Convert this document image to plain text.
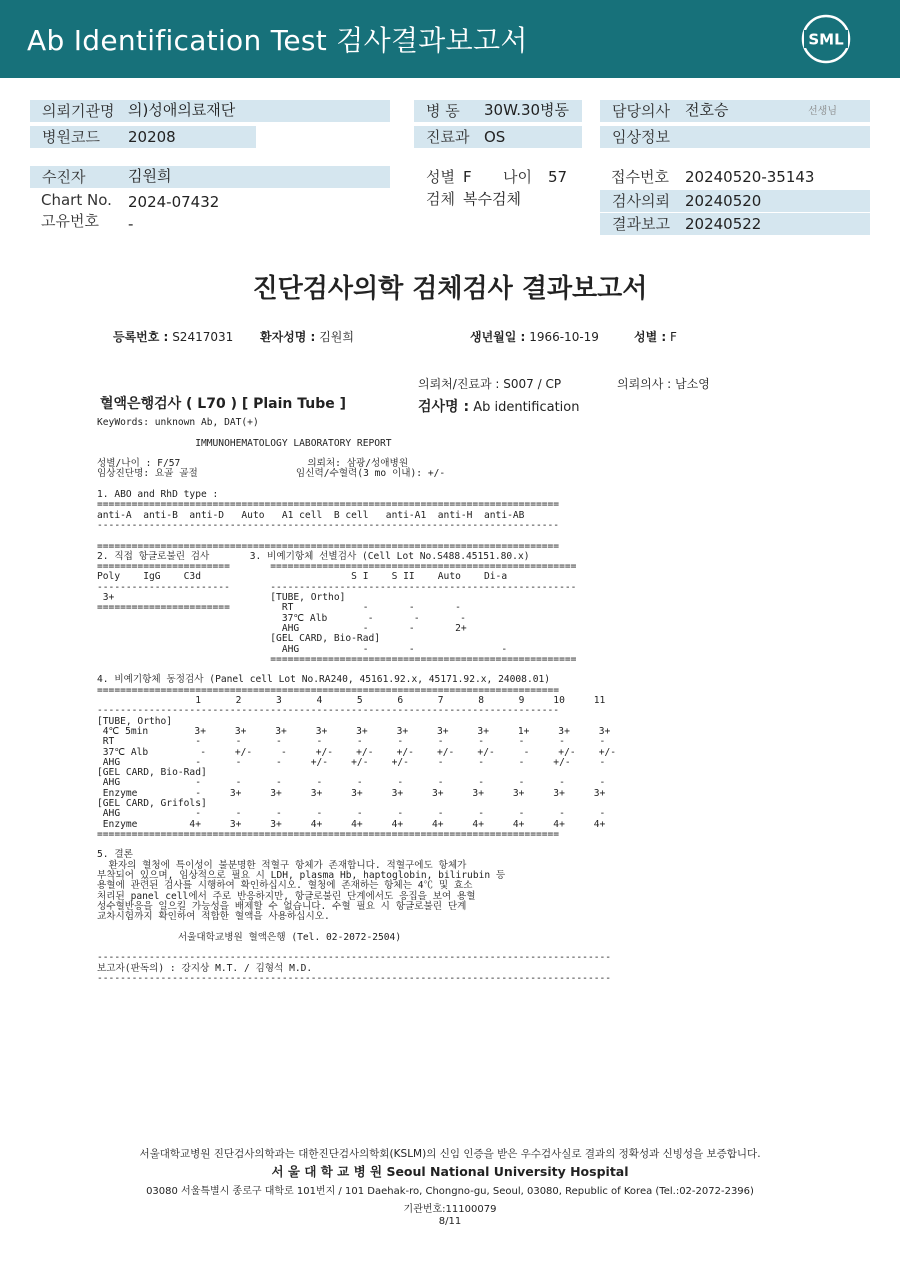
Ab Identification Test 검사결과보고서	SML
의뢰기관명 의)성애의료재단
병원코드	20208
수진자	김원희
Chart No. 2024-07432
고유번호 -
병 동	30W.30병동
진료과 OS
성별 F 나이 57
검체 복수검체
담당의사	전호승	선생님
임상정보
접수번호 20240520-35143
검사의뢰	20240520
결과보고	20240522
진단검사의학 검체검사 결과보고서
등록번호 : S2417031 환자성명 : 김원희	생년월일 : 1966-10-19	성별 : F
의뢰처/진료과 : S007 / CP	의뢰의사 : 남소영
혈액은행검사 ( L70 ) [ Plain Tube ]	검사명 : Ab identification
KeyWords: unknown Ab, DAT(+)

IMMUNOHEMATOLOGY LABORATORY REPORT

성별/나이 : F/57                      의뢰처: 삼광/성애병원
임상진단명: 요골 골절                 임신력/수혈력(3 mo 이내): +/-

1. ABO and RhD type :
================================================================================
anti-A  anti-B  anti-D   Auto   A1 cell  B cell   anti-A1  anti-H  anti-AB
--------------------------------------------------------------------------------

================================================================================
2. 직접 항글로불린 검사       3. 비예기항체 선별검사 (Cell Lot No.S488.45151.80.x)
=======================       =====================================================
Poly    IgG    C3d                          S I    S II    Auto    Di-a
-----------------------       -----------------------------------------------------
3+                           [TUBE, Ortho]
=======================         RT            -       -       -
37℃ Alb       -       -       -
AHG           -       -       2+
[GEL CARD, Bio-Rad]
AHG           -       -               -
=====================================================

4. 비예기항체 동정검사 (Panel cell Lot No.RA240, 45161.92.x, 45171.92.x, 24008.01)
================================================================================
1      2      3      4      5      6      7      8      9     10     11
--------------------------------------------------------------------------------
[TUBE, Ortho]
4℃ 5min        3+     3+     3+     3+     3+     3+     3+     3+     1+     3+     3+
RT              -      -      -      -      -      -      -      -      -      -      -
37℃ Alb         -     +/-     -     +/-    +/-    +/-    +/-    +/-     -     +/-    +/-
AHG             -      -      -     +/-    +/-    +/-     -      -      -     +/-     -
[GEL CARD, Bio-Rad]
AHG             -      -      -      -      -      -      -      -      -      -      -
Enzyme          -     3+     3+     3+     3+     3+     3+     3+     3+     3+     3+
[GEL CARD, Grifols]
AHG             -      -      -      -      -      -      -      -      -      -      -
Enzyme         4+     3+     3+     4+     4+     4+     4+     4+     4+     4+     4+
================================================================================

5. 결론
환자의 혈청에 특이성이 불분명한 적혈구 항체가 존재합니다. 적혈구에도 항체가
부착되어 있으며, 임상적으로 필요 시 LDH, plasma Hb, haptoglobin, bilirubin 등
용혈에 관련된 검사를 시행하여 확인하십시오. 혈청에 존재하는 항체는 4℃ 및 효소
처리된 panel cell에서 주로 반응하지만, 항글로불린 단계에서도 응집을 보여 용혈
성수혈반응을 일으킬 가능성을 배제할 수 없습니다. 수혈 필요 시 항글로불린 단계
교차시험까지 확인하여 적합한 혈액을 사용하십시오.

서울대학교병원 혈액은행 (Tel. 02-2072-2504)

-----------------------------------------------------------------------------------------
보고자(판독의) : 강지상 M.T. / 김형석 M.D.
-----------------------------------------------------------------------------------------
서울대학교병원 진단검사의학과는 대한진단검사의학회(KSLM)의 신임 인증을 받은 우수검사실로 결과의 정확성과 신빙성을 보증합니다.
서 울 대 학 교 병 원 Seoul National University Hospital
03080 서울특별시 종로구 대학로 101번지 / 101 Daehak-ro, Chongno-gu, Seoul, 03080, Republic of Korea (Tel.:02-2072-2396)
기관번호:11100079
8/11
